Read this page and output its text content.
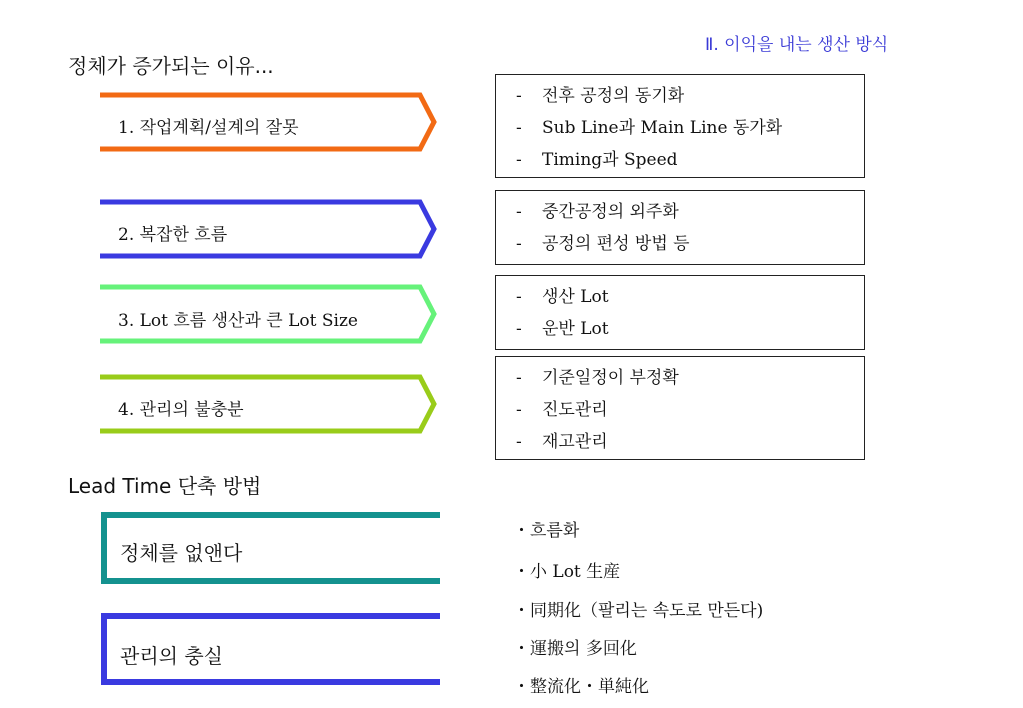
Ⅱ. 이익을 내는 생산 방식
정체가 증가되는 이유...
1. 작업계획/설계의 잘못
2. 복잡한 흐름
3. Lot 흐름 생산과 큰 Lot Size
4. 관리의 불충분
- 전후 공정의 동기화
- Sub Line과 Main Line 동가화
- Timing과 Speed
- 중간공정의 외주화
- 공정의 편성 방법 등
- 생산 Lot
- 운반 Lot
- 기준일정이 부정확
- 진도관리
- 재고관리
Lead Time 단축 방법
정체를 없앤다
관리의 충실
・흐름화
・小 Lot 生産
・同期化（팔리는 속도로 만든다)
・運搬의 多回化
・整流化・単純化
